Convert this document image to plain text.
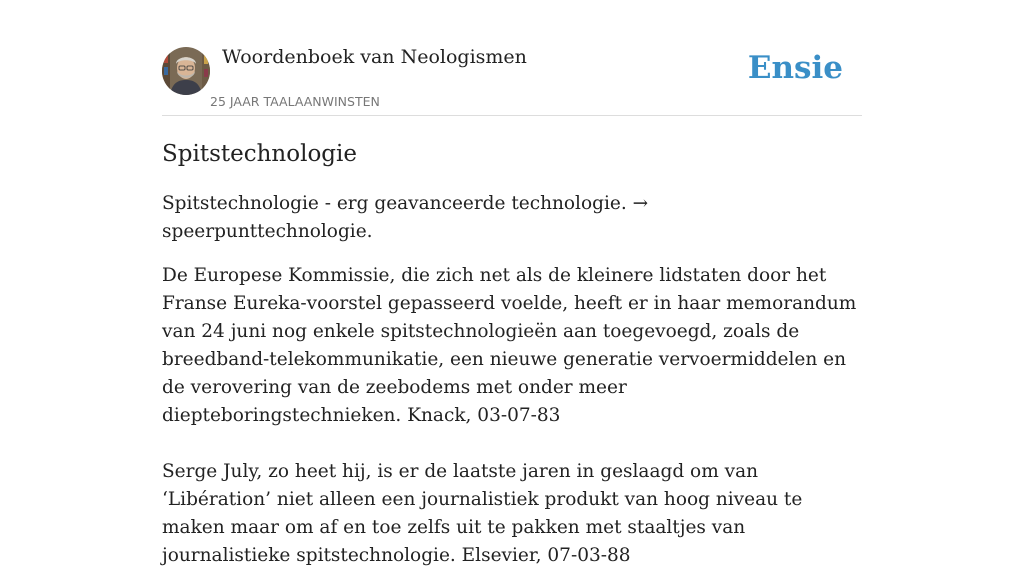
Woordenboek van Neologismen
25 JAAR TAALAANWINSTEN
Ensie
Spitstechnologie

Spitstechnologie - erg geavanceerde technologie. → speerpunttechnologie.

De Europese Kommissie, die zich net als de kleinere lidstaten door het Franse Eureka-voorstel gepasseerd voelde, heeft er in haar memorandum van 24 juni nog enkele spitstechnologieën aan toegevoegd, zoals de breedband-telekommunikatie, een nieuwe generatie vervoermiddelen en de verovering van de zeebodems met onder meer diepteboringstechnieken. Knack, 03-07-83

Serge July, zo heet hij, is er de laatste jaren in geslaagd om van ‘Libération’ niet alleen een journalistiek produkt van hoog niveau te maken maar om af en toe zelfs uit te pakken met staaltjes van journalistieke spitstechnologie. Elsevier, 07-03-88
